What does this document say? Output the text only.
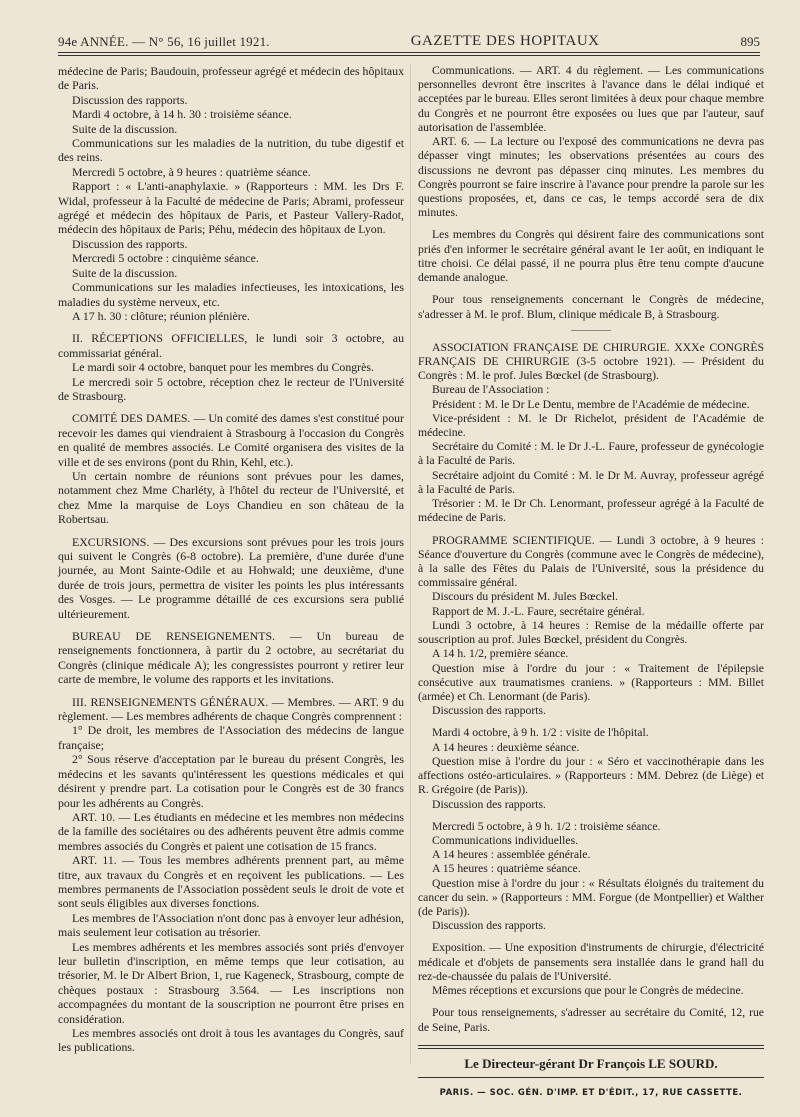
94e ANNÉE. — N° 56, 16 juillet 1921.	GAZETTE DES HOPITAUX	895

médecine de Paris; Baudouin, professeur agrégé et médecin des hôpitaux de Paris.

Discussion des rapports.

Mardi 4 octobre, à 14 h. 30 : troisième séance.

Suite de la discussion.

Communications sur les maladies de la nutrition, du tube digestif et des reins.

Mercredi 5 octobre, à 9 heures : quatrième séance.

Rapport : « L'anti-anaphylaxie. » (Rapporteurs : MM. les Drs F. Widal, professeur à la Faculté de médecine de Paris; Abrami, professeur agrégé et médecin des hôpitaux de Paris, et Pasteur Vallery-Radot, médecin des hôpitaux de Paris; Péhu, médecin des hôpitaux de Lyon.

Discussion des rapports.

Mercredi 5 octobre : cinquième séance.

Suite de la discussion.

Communications sur les maladies infectieuses, les intoxications, les maladies du système nerveux, etc.

A 17 h. 30 : clôture; réunion plénière.

II. RÉCEPTIONS OFFICIELLES, le lundi soir 3 octobre, au commissariat général.

Le mardi soir 4 octobre, banquet pour les membres du Congrès.

Le mercredi soir 5 octobre, réception chez le recteur de l'Université de Strasbourg.

COMITÉ DES DAMES. — Un comité des dames s'est constitué pour recevoir les dames qui viendraient à Strasbourg à l'occasion du Congrès en qualité de membres associés. Le Comité organisera des visites de la ville et de ses environs (pont du Rhin, Kehl, etc.).

Un certain nombre de réunions sont prévues pour les dames, notamment chez Mme Charléty, à l'hôtel du recteur de l'Université, et chez Mme la marquise de Loys Chandieu en son château de la Robertsau.

EXCURSIONS. — Des excursions sont prévues pour les trois jours qui suivent le Congrès (6-8 octobre). La première, d'une durée d'une journée, au Mont Sainte-Odile et au Hohwald; une deuxième, d'une durée de trois jours, permettra de visiter les points les plus intéressants des Vosges. — Le programme détaillé de ces excursions sera publié ultérieurement.

BUREAU DE RENSEIGNEMENTS. — Un bureau de renseignements fonctionnera, à partir du 2 octobre, au secrétariat du Congrès (clinique médicale A); les congressistes pourront y retirer leur carte de membre, le volume des rapports et les invitations.

III. RENSEIGNEMENTS GÉNÉRAUX. — Membres. — ART. 9 du règlement. — Les membres adhérents de chaque Congrès comprennent :

1° De droit, les membres de l'Association des médecins de langue française;

2° Sous réserve d'acceptation par le bureau du présent Congrès, les médecins et les savants qu'intéressent les questions médicales et qui désirent y prendre part. La cotisation pour le Congrès est de 30 francs pour les adhérents au Congrès.

ART. 10. — Les étudiants en médecine et les membres non médecins de la famille des sociétaires ou des adhérents peuvent être admis comme membres associés du Congrès et paient une cotisation de 15 francs.

ART. 11. — Tous les membres adhérents prennent part, au même titre, aux travaux du Congrès et en reçoivent les publications. — Les membres permanents de l'Association possèdent seuls le droit de vote et sont seuls éligibles aux diverses fonctions.

Les membres de l'Association n'ont donc pas à envoyer leur adhésion, mais seulement leur cotisation au trésorier.

Les membres adhérents et les membres associés sont priés d'envoyer leur bulletin d'inscription, en même temps que leur cotisation, au trésorier, M. le Dr Albert Brion, 1, rue Kageneck, Strasbourg, compte de chèques postaux : Strasbourg 3.564. — Les inscriptions non accompagnées du montant de la souscription ne pourront être prises en considération.

Les membres associés ont droit à tous les avantages du Congrès, sauf les publications.

Communications. — ART. 4 du règlement. — Les communications personnelles devront être inscrites à l'avance dans le délai indiqué et acceptées par le bureau. Elles seront limitées à deux pour chaque membre du Congrès et ne pourront être exposées ou lues que par l'auteur, sauf autorisation de l'assemblée.

ART. 6. — La lecture ou l'exposé des communications ne devra pas dépasser vingt minutes; les observations présentées au cours des discussions ne devront pas dépasser cinq minutes. Les membres du Congrès pourront se faire inscrire à l'avance pour prendre la parole sur les questions proposées, et, dans ce cas, le temps accordé sera de dix minutes.

Les membres du Congrès qui désirent faire des communications sont priés d'en informer le secrétaire général avant le 1er août, en indiquant le titre choisi. Ce délai passé, il ne pourra plus être tenu compte d'aucune demande analogue.

Pour tous renseignements concernant le Congrès de médecine, s'adresser à M. le prof. Blum, clinique médicale B, à Strasbourg.

ASSOCIATION FRANÇAISE DE CHIRURGIE. XXXe CONGRÈS FRANÇAIS DE CHIRURGIE (3-5 octobre 1921). — Président du Congrès : M. le prof. Jules Bœckel (de Strasbourg).

Bureau de l'Association :

Président : M. le Dr Le Dentu, membre de l'Académie de médecine.

Vice-président : M. le Dr Richelot, président de l'Académie de médecine.

Secrétaire du Comité : M. le Dr J.-L. Faure, professeur de gynécologie à la Faculté de Paris.

Secrétaire adjoint du Comité : M. le Dr M. Auvray, professeur agrégé à la Faculté de Paris.

Trésorier : M. le Dr Ch. Lenormant, professeur agrégé à la Faculté de médecine de Paris.

PROGRAMME SCIENTIFIQUE. — Lundi 3 octobre, à 9 heures : Séance d'ouverture du Congrès (commune avec le Congrès de médecine), à la salle des Fêtes du Palais de l'Université, sous la présidence du commissaire général.

Discours du président M. Jules Bœckel.

Rapport de M. J.-L. Faure, secrétaire général.

Lundi 3 octobre, à 14 heures : Remise de la médaille offerte par souscription au prof. Jules Bœckel, président du Congrès.

A 14 h. 1/2, première séance.

Question mise à l'ordre du jour : « Traitement de l'épilepsie consécutive aux traumatismes craniens. » (Rapporteurs : MM. Billet (armée) et Ch. Lenormant (de Paris).

Discussion des rapports.

Mardi 4 octobre, à 9 h. 1/2 : visite de l'hôpital.

A 14 heures : deuxième séance.

Question mise à l'ordre du jour : « Séro et vaccinothérapie dans les affections ostéo-articulaires. » (Rapporteurs : MM. Debrez (de Liège) et R. Grégoire (de Paris)).

Discussion des rapports.

Mercredi 5 octobre, à 9 h. 1/2 : troisième séance.

Communications individuelles.

A 14 heures : assemblée générale.

A 15 heures : quatrième séance.

Question mise à l'ordre du jour : « Résultats éloignés du traitement du cancer du sein. » (Rapporteurs : MM. Forgue (de Montpellier) et Walther (de Paris)).

Discussion des rapports.

Exposition. — Une exposition d'instruments de chirurgie, d'électricité médicale et d'objets de pansements sera installée dans le grand hall du rez-de-chaussée du palais de l'Université.

Mêmes réceptions et excursions que pour le Congrès de médecine.

Pour tous renseignements, s'adresser au secrétaire du Comité, 12, rue de Seine, Paris.

Le Directeur-gérant Dr François LE SOURD.
PARIS. — SOC. GÉN. D'IMP. ET D'ÉDIT., 17, RUE CASSETTE.
